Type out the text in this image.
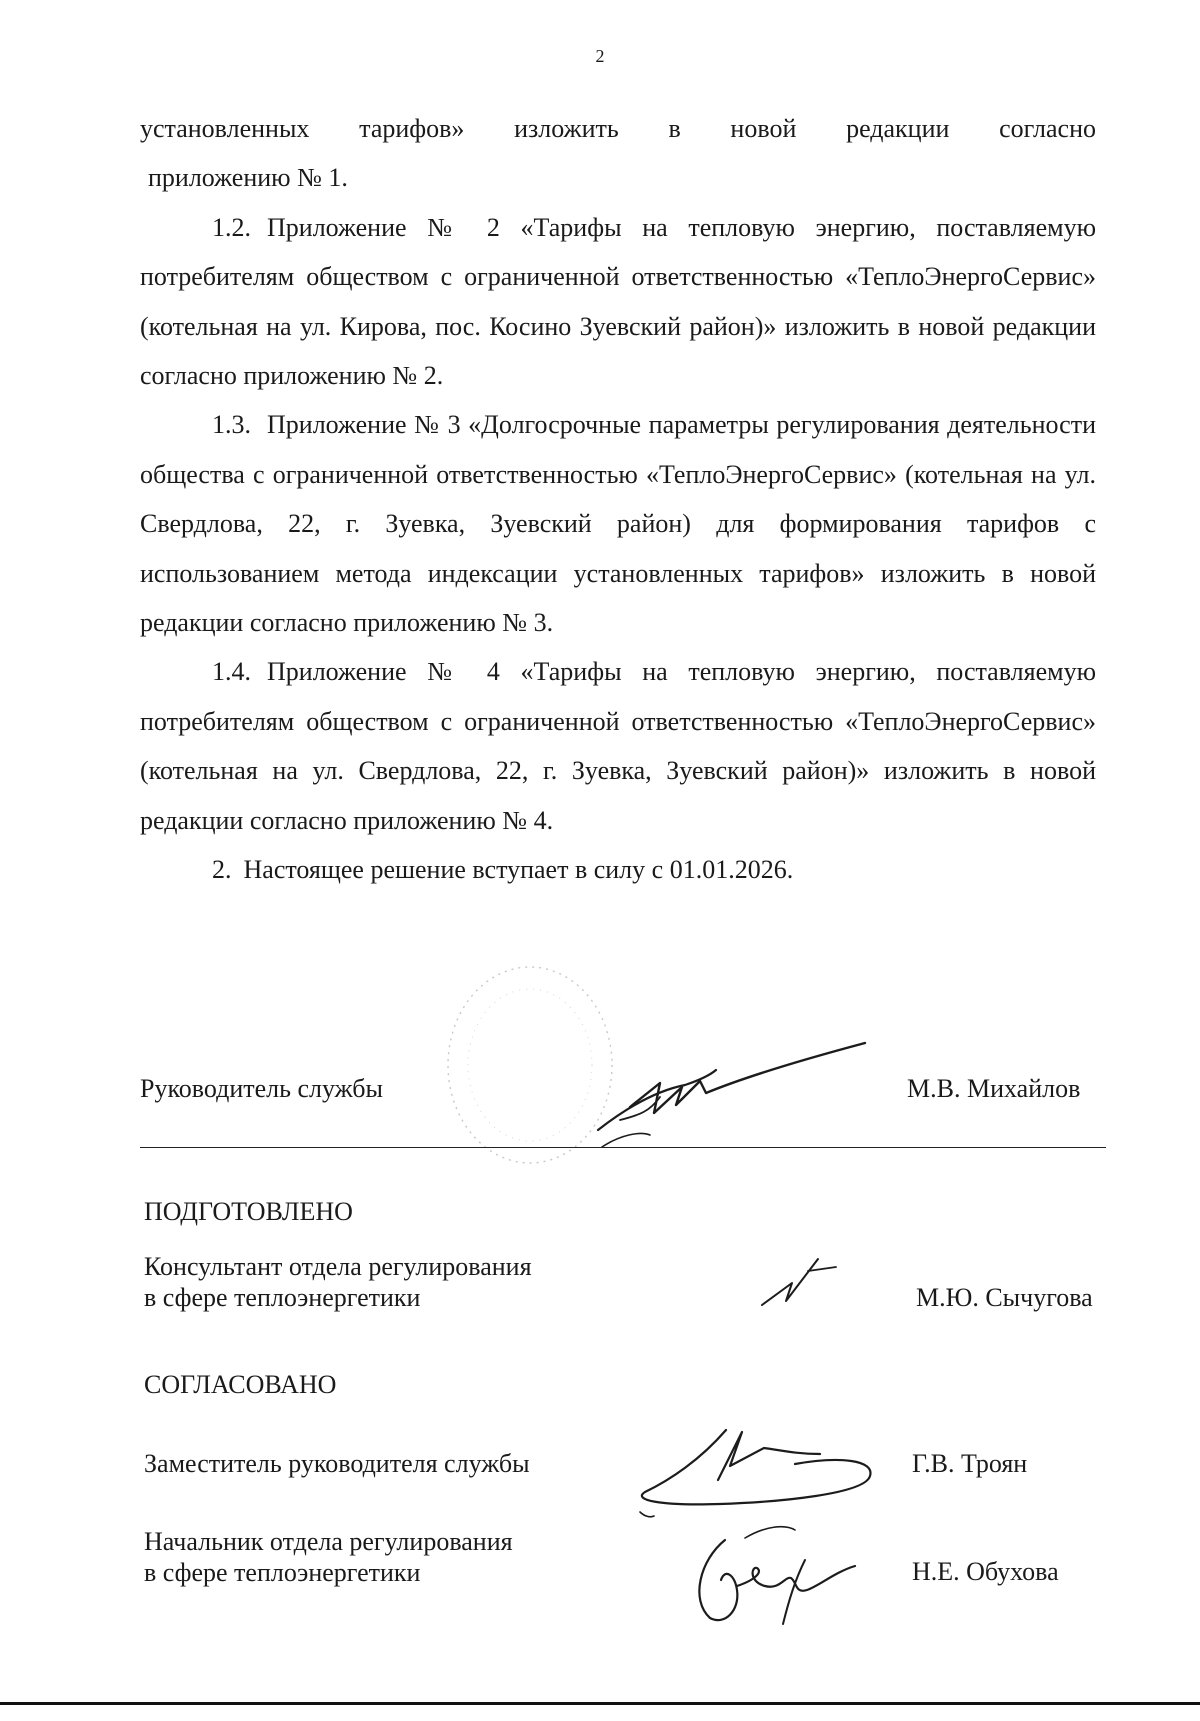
2

установленных тарифов» изложить в новой редакции согласно

приложению № 1.

1.2. Приложение № 2 «Тарифы на тепловую энергию, поставляемую потребителям обществом с ограниченной ответственностью «ТеплоЭнергоСервис» (котельная на ул. Кирова, пос. Косино Зуевский район)» изложить в новой редакции согласно приложению № 2.

1.3. Приложение № 3 «Долгосрочные параметры регулирования деятельности общества с ограниченной ответственностью «ТеплоЭнергоСервис» (котельная на ул. Свердлова, 22, г. Зуевка, Зуевский район) для формирования тарифов с использованием метода индексации установленных тарифов» изложить в новой редакции согласно приложению № 3.

1.4. Приложение № 4 «Тарифы на тепловую энергию, поставляемую потребителям обществом с ограниченной ответственностью «ТеплоЭнергоСервис» (котельная на ул. Свердлова, 22, г. Зуевка, Зуевский район)» изложить в новой редакции согласно приложению № 4.

2. Настоящее решение вступает в силу с 01.01.2026.

Руководитель службы	М.В. Михайлов
ПОДГОТОВЛЕНО
Консультант отдела регулирования
в сфере теплоэнергетики	М.Ю. Сычугова
СОГЛАСОВАНО
Заместитель руководителя службы	Г.В. Троян
Начальник отдела регулирования
в сфере теплоэнергетики	Н.Е. Обухова
